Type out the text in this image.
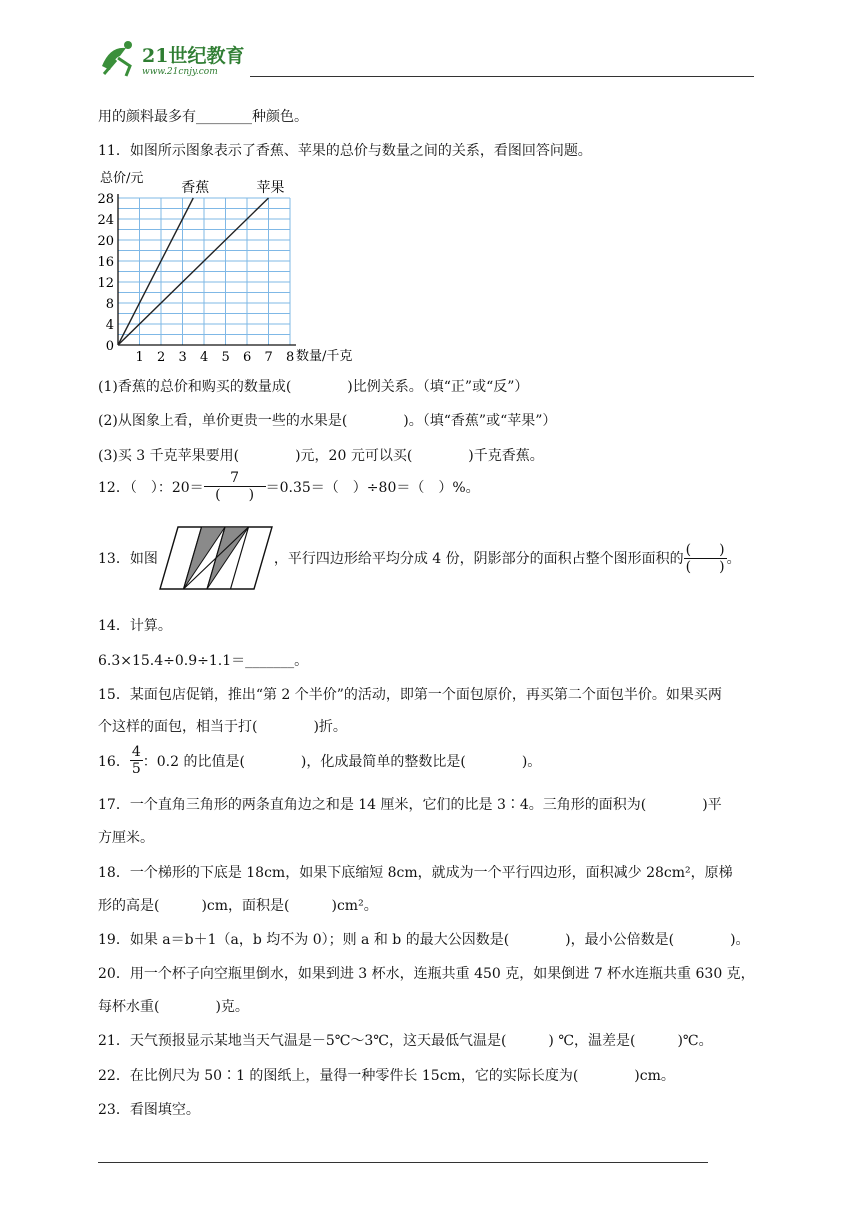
21世纪教育
www.21cnjy.com
用的颜料最多有________种颜色。
11．如图所示图象表示了香蕉、苹果的总价与数量之间的关系，看图回答问题。
1 2 3 4 5 6 7 8
0
4
8
12
16
20
24
28
香蕉	苹果
总价/元
数量/千克
(1)香蕉的总价和购买的数量成(　　　　)比例关系。（填“正”或“反”）
(2)从图象上看，单价更贵一些的水果是(　　　　)。（填“香蕉”或“苹果”）
(3)买 3 千克苹果要用(　　　　)元，20 元可以买(　　　　)千克香蕉。
12．（　）：$20= \frac{7}{( )} =0.35=$（　）÷80＝（　）%。
13．如图	，平行四边形给平均分成 4 份，阴影部分的面积占整个图形面积的 $\frac{( )}{( )}$ 。
14．计算。
6.3×15.4÷0.9÷1.1＝_______。
15．某面包店促销，推出“第 2 个半价”的活动，即第一个面包原价，再买第二个面包半价。如果买两
个这样的面包，相当于打(　　　　)折。
16． $\frac{4}{5}$ ：0.2 的比值是(　　　　)，化成最简单的整数比是(　　　　)。
17．一个直角三角形的两条直角边之和是 14 厘米，它们的比是 3∶4。三角形的面积为(　　　　)平
方厘米。
18．一个梯形的下底是 18cm，如果下底缩短 8cm，就成为一个平行四边形，面积减少 28cm²，原梯
形的高是(　　　)cm，面积是(　　　)cm²。
19．如果 a＝b＋1（a，b 均不为 0）；则 a 和 b 的最大公因数是(　　　　)，最小公倍数是(　　　　)。
20．用一个杯子向空瓶里倒水，如果到进 3 杯水，连瓶共重 450 克，如果倒进 7 杯水连瓶共重 630 克，
每杯水重(　　　　)克。
21．天气预报显示某地当天气温是－5℃～3℃，这天最低气温是(　　　) ℃，温差是(　　　)℃。
22．在比例尺为 50∶1 的图纸上，量得一种零件长 15cm，它的实际长度为(　　　　)cm。
23．看图填空。
